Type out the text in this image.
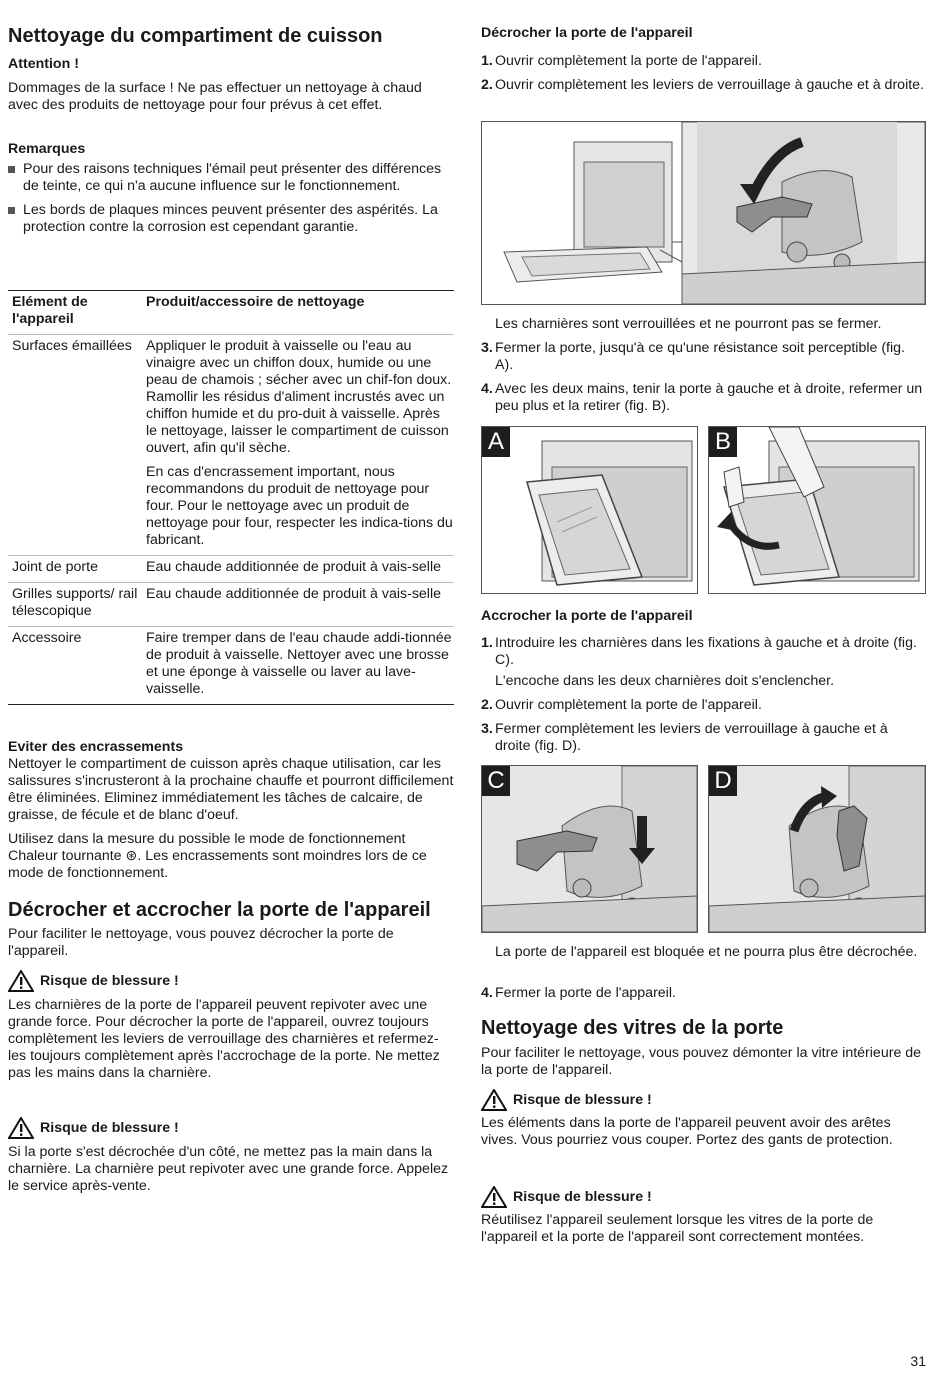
Nettoyage du compartiment de cuisson
Attention !

Dommages de la surface ! Ne pas effectuer un nettoyage à chaud avec des produits de nettoyage pour four prévus à cet effet.

Remarques
Pour des raisons techniques l'émail peut présenter des différences de teinte, ce qui n'a aucune influence sur le fonctionnement.
Les bords de plaques minces peuvent présenter des aspérités. La protection contre la corrosion est cependant garantie.
Elément de l'appareil	Produit/accessoire de nettoyage
Surfaces émaillées	Appliquer le produit à vaisselle ou l'eau au vinaigre avec un chiffon doux, humide ou une peau de chamois ; sécher avec un chif-fon doux. Ramollir les résidus d'aliment incrustés avec un chiffon humide et du pro-duit à vaisselle. Après le nettoyage, laisser le compartiment de cuisson ouvert, afin qu'il sèche.
En cas d'encrassement important, nous recommandons du produit de nettoyage pour four. Pour le nettoyage avec un produit de nettoyage pour four, respecter les indica-tions du fabricant.

Joint de porte	Eau chaude additionnée de produit à vais-selle
Grilles supports/ rail télescopique	Eau chaude additionnée de produit à vais-selle
Accessoire	Faire tremper dans de l'eau chaude addi-tionnée de produit à vaisselle. Nettoyer avec une brosse et une éponge à vaisselle ou laver au lave-vaisselle.
Eviter des encrassements

Nettoyer le compartiment de cuisson après chaque utilisation, car les salissures s'incrusteront à la prochaine chauffe et pourront difficilement être éliminées. Eliminez immédiatement les tâches de calcaire, de graisse, de fécule et de blanc d'oeuf.

Utilisez dans la mesure du possible le mode de fonctionnement Chaleur tournante ⊛. Les encrassements sont moindres lors de ce mode de fonctionnement.

Décrocher et accrocher la porte de l'appareil

Pour faciliter le nettoyage, vous pouvez décrocher la porte de l'appareil.

Risque de blessure !

Les charnières de la porte de l'appareil peuvent repivoter avec une grande force. Pour décrocher la porte de l'appareil, ouvrez toujours complètement les leviers de verrouillage des charnières et refermez-les toujours complètement après l'accrochage de la porte. Ne mettez pas les mains dans la charnière.

Risque de blessure !

Si la porte s'est décrochée d'un côté, ne mettez pas la main dans la charnière. La charnière peut repivoter avec une grande force. Appelez le service après-vente.

Décrocher la porte de l'appareil
1. Ouvrir complètement la porte de l'appareil.
2. Ouvrir complètement les leviers de verrouillage à gauche et à droite.

Les charnières sont verrouillées et ne pourront pas se fermer.

3. Fermer la porte, jusqu'à ce qu'une résistance soit perceptible (fig. A).
4. Avec les deux mains, tenir la porte à gauche et à droite, refermer un peu plus et la retirer (fig. B).
A	B
Accrocher la porte de l'appareil
1. Introduire les charnières dans les fixations à gauche et à droite (fig. C).
L'encoche dans les deux charnières doit s'enclencher.
2. Ouvrir complètement la porte de l'appareil.
3. Fermer complètement les leviers de verrouillage à gauche et à droite (fig. D).
C	D

La porte de l'appareil est bloquée et ne pourra plus être décrochée.

4. Fermer la porte de l'appareil.
Nettoyage des vitres de la porte

Pour faciliter le nettoyage, vous pouvez démonter la vitre intérieure de la porte de l'appareil.

Risque de blessure !

Les éléments dans la porte de l'appareil peuvent avoir des arêtes vives. Vous pourriez vous couper. Portez des gants de protection.

Risque de blessure !

Réutilisez l'appareil seulement lorsque les vitres de la porte de l'appareil et la porte de l'appareil sont correctement montées.

31
